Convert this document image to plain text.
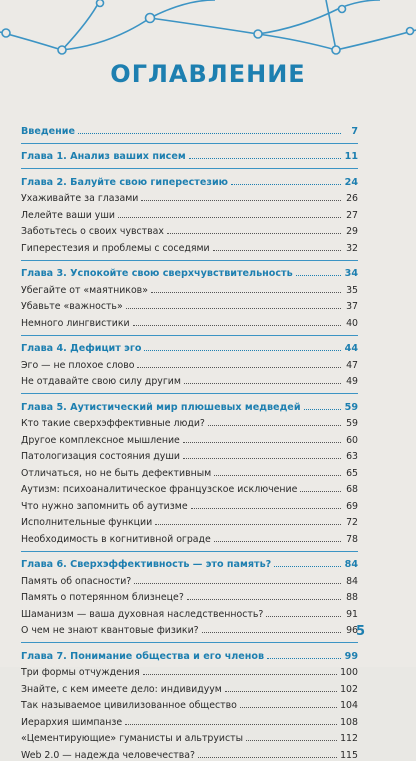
ОГЛАВЛЕНИЕ
Введение	7
Глава 1. Анализ ваших писем	11
Глава 2. Балуйте свою гиперестезию	24
Ухаживайте за глазами	26
Лелейте ваши уши	27
Заботьтесь о своих чувствах	29
Гиперестезия и проблемы с соседями	32
Глава 3. Успокойте свою сверхчувствительность	34
Убегайте от «маятников»	35
Убавьте «важность»	37
Немного лингвистики	40
Глава 4. Дефицит эго	44
Эго — не плохое слово	47
Не отдавайте свою силу другим	49
Глава 5. Аутистический мир плюшевых медведей	59
Кто такие сверхэффективные люди?	59
Другое комплексное мышление	60
Патологизация состояния души	63
Отличаться, но не быть дефективным	65
Аутизм: психоаналитическое французское исключение	68
Что нужно запомнить об аутизме	69
Исполнительные функции	72
Необходимость в когнитивной ограде	78
Глава 6. Сверхэффективность — это память?	84
Память об опасности?	84
Память о потерянном близнеце?	88
Шаманизм — ваша духовная наследственность?	91
О чем не знают квантовые физики?	96
Глава 7. Понимание общества и его членов	99
Три формы отчуждения	100
Знайте, с кем имеете дело: индивидуум	102
Так называемое цивилизованное общество	104
Иерархия шимпанзе	108
«Цементирующие» гуманисты и альтруисты	112
Web 2.0 — надежда человечества?	115
5
